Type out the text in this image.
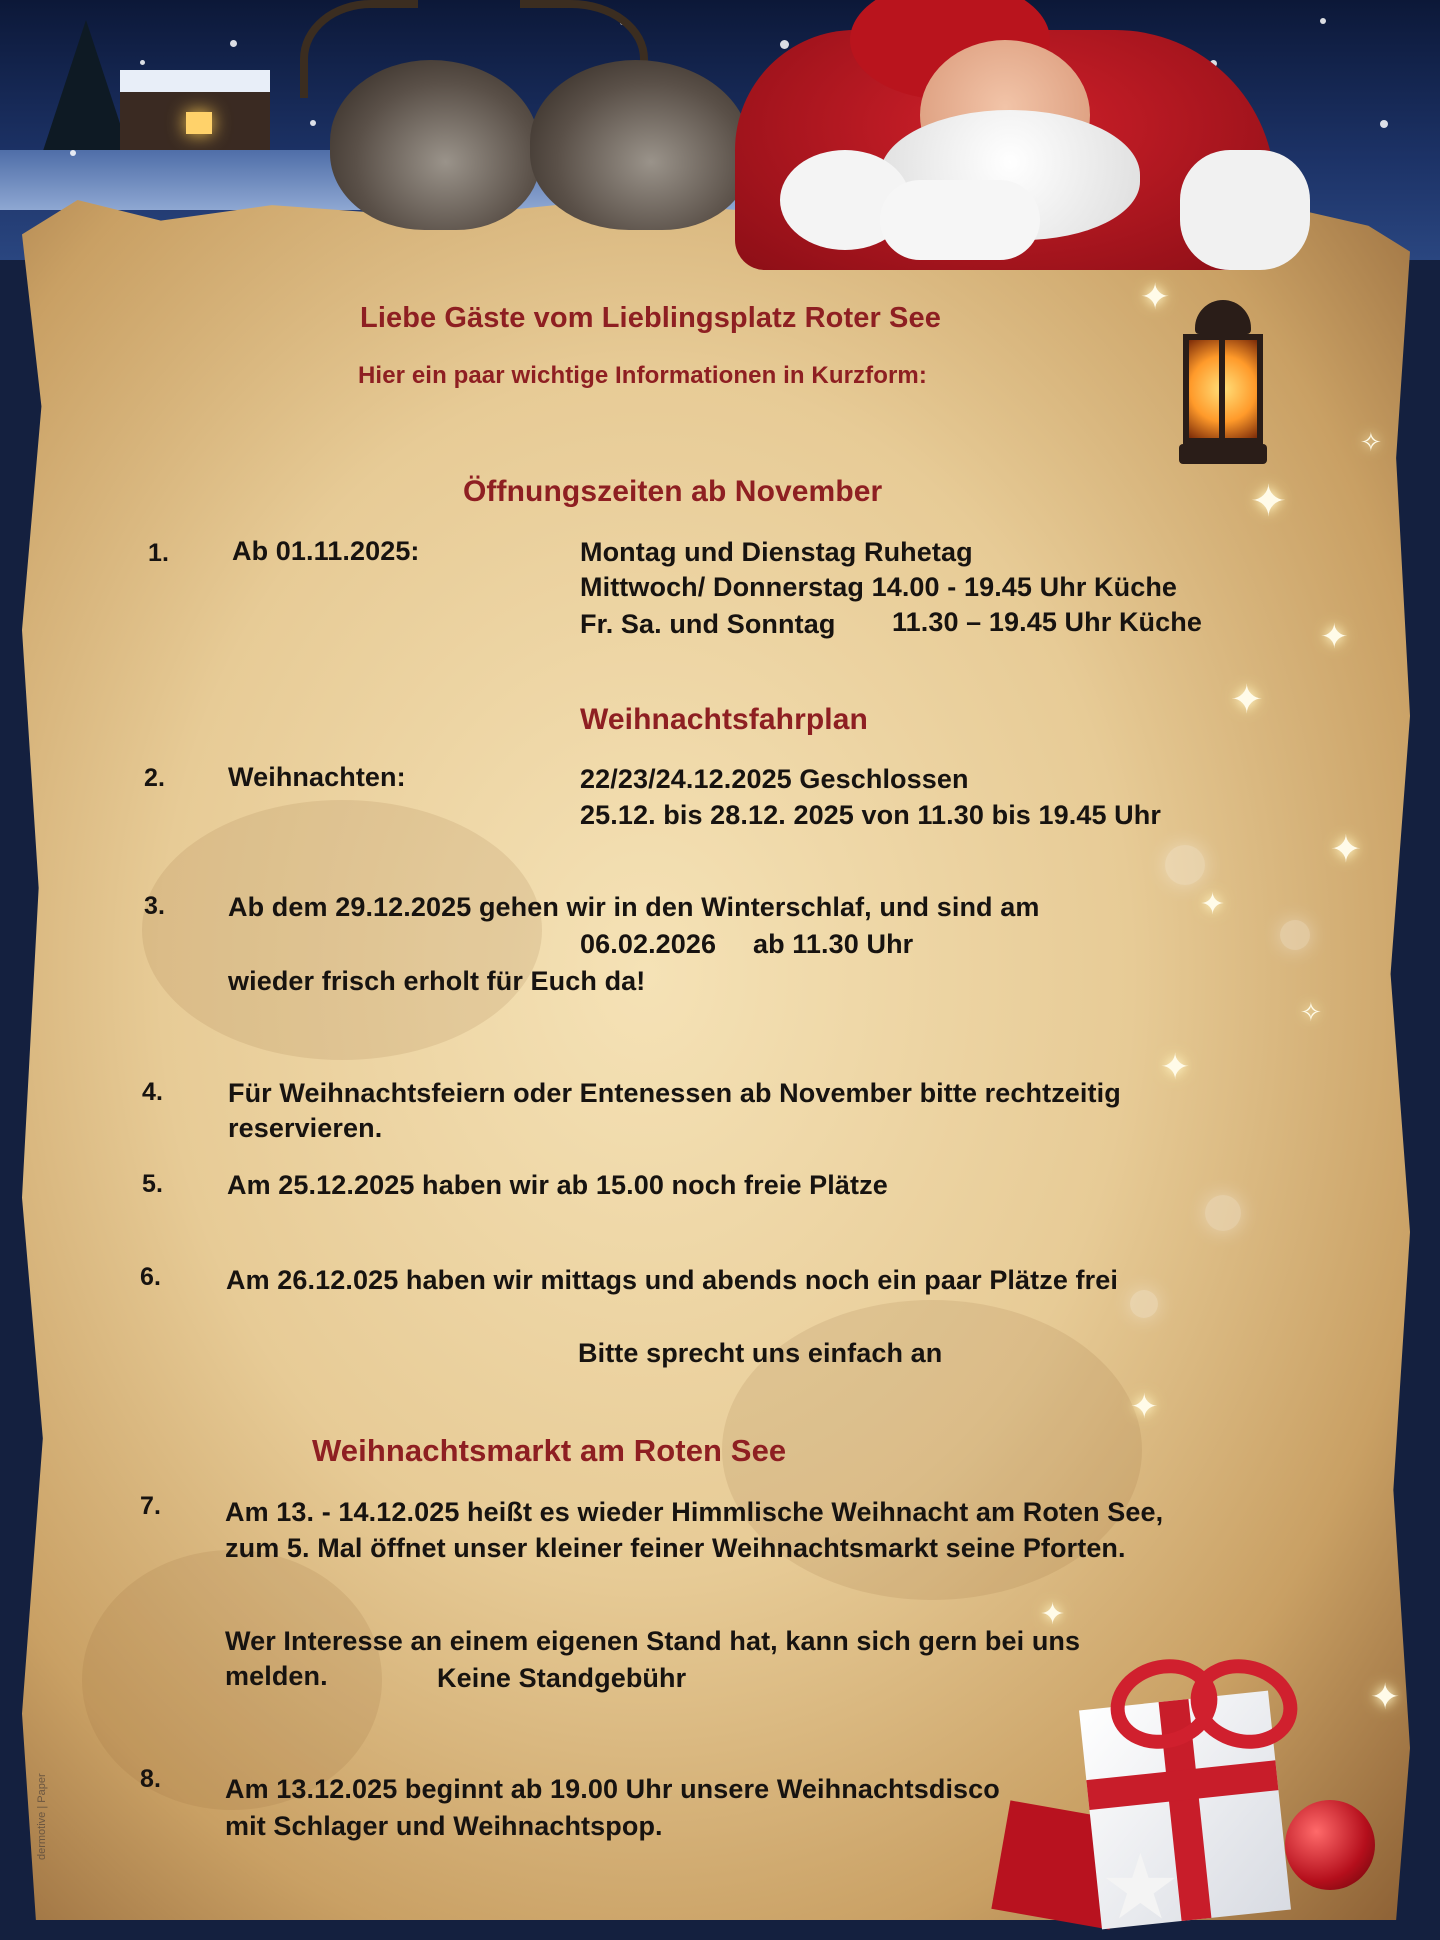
✦
✦
✦
✦
✦
✦
✦
✦
✦
✦
✧
✧
★
Liebe Gäste vom Lieblingsplatz Roter See
Hier ein paar wichtige Informationen in Kurzform:
Öffnungszeiten ab November
1. Ab 01.11.2025:	Montag und Dienstag Ruhetag
Mittwoch/ Donnerstag 14.00 - 19.45 Uhr Küche
Fr. Sa. und Sonntag 11.30 – 19.45 Uhr Küche
Weihnachtsfahrplan
2. Weihnachten:	22/23/24.12.2025 Geschlossen
25.12. bis 28.12. 2025 von 11.30 bis 19.45 Uhr
3. Ab dem 29.12.2025 gehen wir in den Winterschlaf, und sind am
06.02.2026 ab 11.30 Uhr
wieder frisch erholt für Euch da!
4. Für Weihnachtsfeiern oder Entenessen ab November bitte rechtzeitig
reservieren.
5. Am 25.12.2025 haben wir ab 15.00 noch freie Plätze
6. Am 26.12.025 haben wir mittags und abends noch ein paar Plätze frei
Bitte sprecht uns einfach an
Weihnachtsmarkt am Roten See
7. Am 13. - 14.12.025 heißt es wieder Himmlische Weihnacht am Roten See,
zum 5. Mal öffnet unser kleiner feiner Weihnachtsmarkt seine Pforten.
Wer Interesse an einem eigenen Stand hat, kann sich gern bei uns
melden.	Keine Standgebühr
8. Am 13.12.025 beginnt ab 19.00 Uhr unsere Weihnachtsdisco
mit Schlager und Weihnachtspop.
dermotive | Paper
